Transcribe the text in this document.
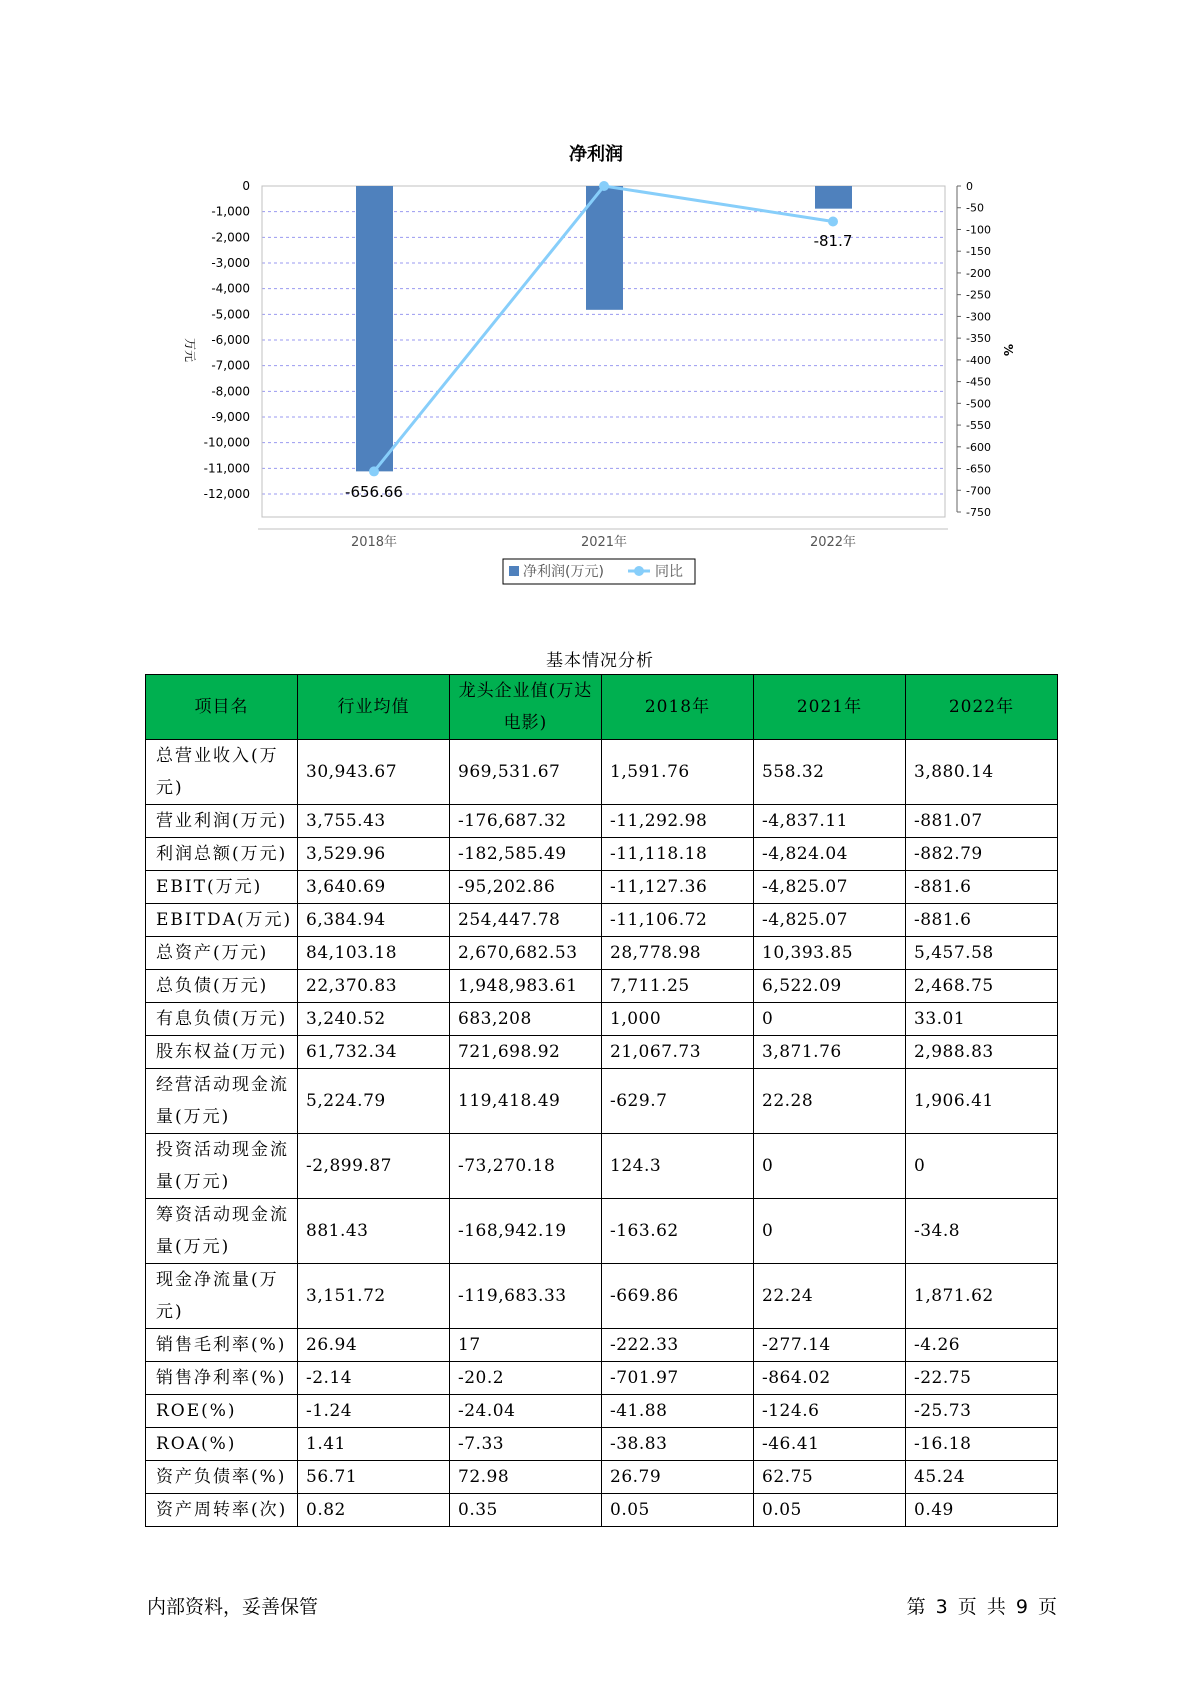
净利润
0
-1,000
-2,000
-3,000
-4,000
-5,000
-6,000
-7,000
-8,000
-9,000
-10,000
-11,000
-12,000
0
-50
-100
-150
-200
-250
-300
-350
-400
-450
-500
-550
-600
-650
-700
-750
万元	%
2018年	2021年	2022年
-656.66
-81.7
净利润(万元)	同比
基本情况分析
项目名	行业均值	龙头企业值(万达电影)	2018年	2021年	2022年
总营业收入(万元)	30,943.67	969,531.67	1,591.76	558.32	3,880.14
营业利润(万元)	3,755.43	-176,687.32	-11,292.98	-4,837.11	-881.07
利润总额(万元)	3,529.96	-182,585.49	-11,118.18	-4,824.04	-882.79
EBIT(万元)	3,640.69	-95,202.86	-11,127.36	-4,825.07	-881.6
EBITDA(万元)	6,384.94	254,447.78	-11,106.72	-4,825.07	-881.6
总资产(万元)	84,103.18	2,670,682.53	28,778.98	10,393.85	5,457.58
总负债(万元)	22,370.83	1,948,983.61	7,711.25	6,522.09	2,468.75
有息负债(万元)	3,240.52	683,208	1,000	0	33.01
股东权益(万元)	61,732.34	721,698.92	21,067.73	3,871.76	2,988.83
经营活动现金流量(万元)	5,224.79	119,418.49	-629.7	22.28	1,906.41
投资活动现金流量(万元)	-2,899.87	-73,270.18	124.3	0	0
筹资活动现金流量(万元)	881.43	-168,942.19	-163.62	0	-34.8
现金净流量(万元)	3,151.72	-119,683.33	-669.86	22.24	1,871.62
销售毛利率(%)	26.94	17	-222.33	-277.14	-4.26
销售净利率(%)	-2.14	-20.2	-701.97	-864.02	-22.75
ROE(%)	-1.24	-24.04	-41.88	-124.6	-25.73
ROA(%)	1.41	-7.33	-38.83	-46.41	-16.18
资产负债率(%)	56.71	72.98	26.79	62.75	45.24
资产周转率(次)	0.82	0.35	0.05	0.05	0.49
内部资料，妥善保管	第 3 页 共 9 页
